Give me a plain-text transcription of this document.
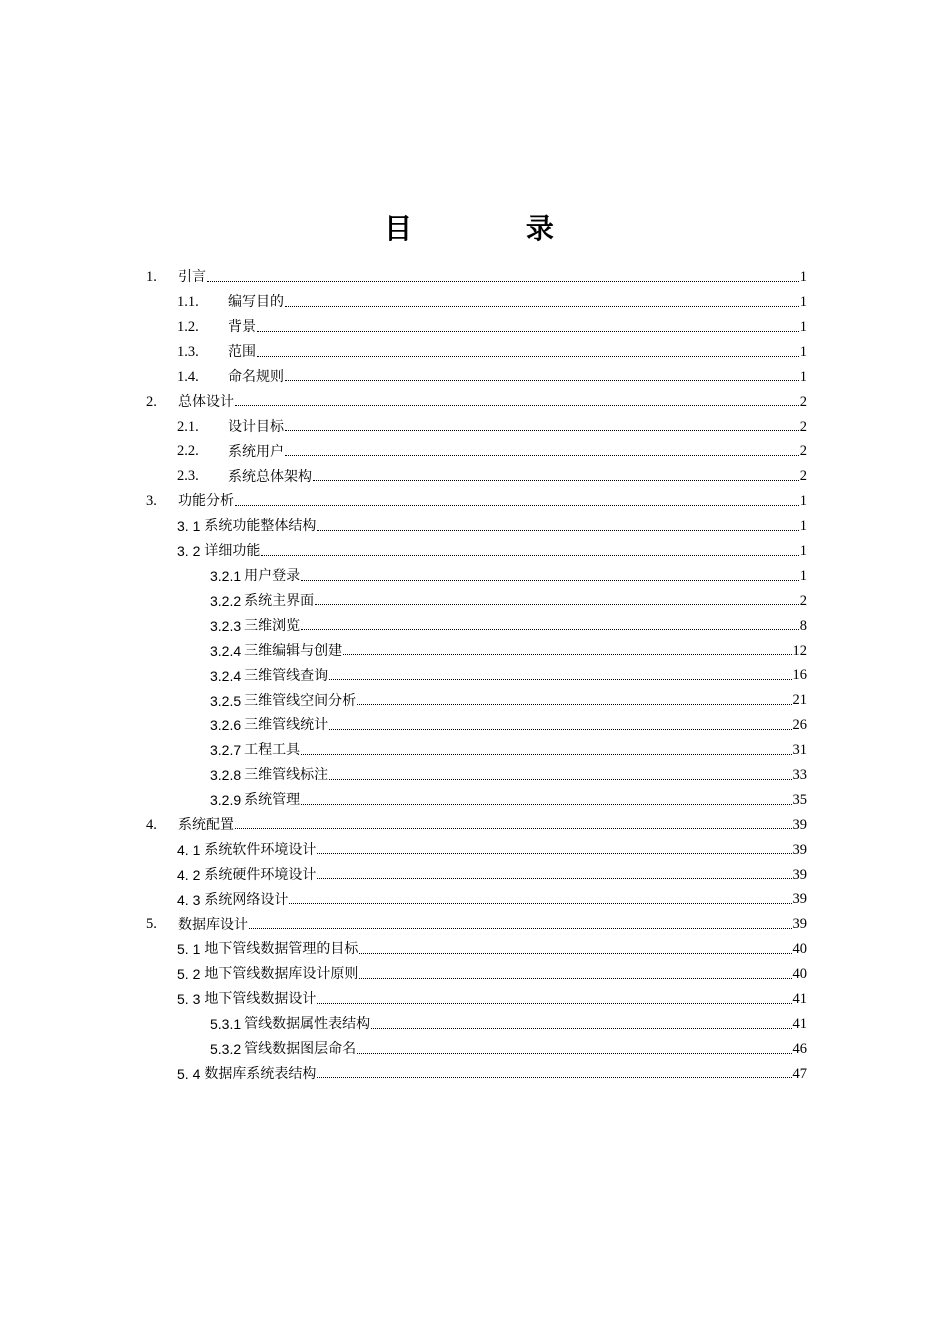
目 录
1.	引言	1
1.1.	编写目的	1
1.2.	背景	1
1.3.	范围	1
1.4.	命名规则	1
2.	总体设计	2
2.1.	设计目标	2
2.2.	系统用户	2
2.3.	系统总体架构	2
3.	功能分析	1
3. 1 系统功能整体结构	1
3. 2 详细功能	1
3.2.1 用户登录	1
3.2.2 系统主界面	2
3.2.3 三维浏览	8
3.2.4 三维编辑与创建	12
3.2.4 三维管线查询	16
3.2.5 三维管线空间分析	21
3.2.6 三维管线统计	26
3.2.7 工程工具	31
3.2.8 三维管线标注	33
3.2.9 系统管理	35
4.	系统配置	39
4. 1 系统软件环境设计	39
4. 2 系统硬件环境设计	39
4. 3 系统网络设计	39
5.	数据库设计	39
5. 1 地下管线数据管理的目标	40
5. 2 地下管线数据库设计原则	40
5. 3 地下管线数据设计	41
5.3.1 管线数据属性表结构	41
5.3.2 管线数据图层命名	46
5. 4 数据库系统表结构	47
